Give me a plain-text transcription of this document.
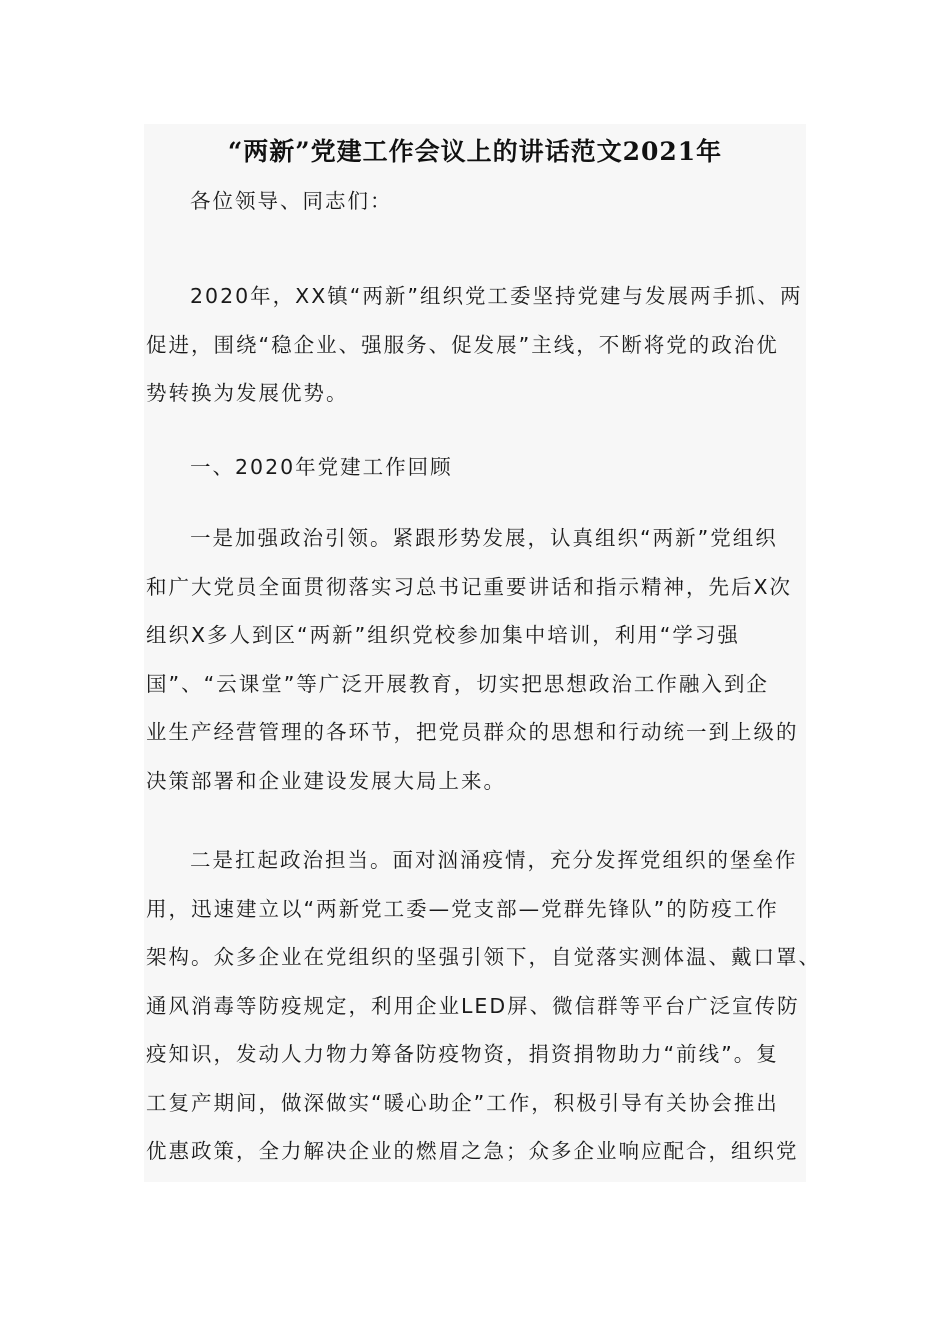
“两新”党建工作会议上的讲话范文2021年

各位领导、同志们：

2020年，XX镇“两新”组织党工委坚持党建与发展两手抓、两
促进，围绕“稳企业、强服务、促发展”主线，不断将党的政治优
势转换为发展优势。

一、2020年党建工作回顾

一是加强政治引领。紧跟形势发展，认真组织“两新”党组织
和广大党员全面贯彻落实习总书记重要讲话和指示精神，先后X次
组织X多人到区“两新”组织党校参加集中培训，利用“学习强
国”、“云课堂”等广泛开展教育，切实把思想政治工作融入到企
业生产经营管理的各环节，把党员群众的思想和行动统一到上级的
决策部署和企业建设发展大局上来。

二是扛起政治担当。面对汹涌疫情，充分发挥党组织的堡垒作
用，迅速建立以“两新党工委—党支部—党群先锋队”的防疫工作
架构。众多企业在党组织的坚强引领下，自觉落实测体温、戴口罩、
通风消毒等防疫规定，利用企业LED屏、微信群等平台广泛宣传防
疫知识，发动人力物力筹备防疫物资，捐资捐物助力“前线”。复
工复产期间，做深做实“暖心助企”工作，积极引导有关协会推出
优惠政策，全力解决企业的燃眉之急；众多企业响应配合，组织党
